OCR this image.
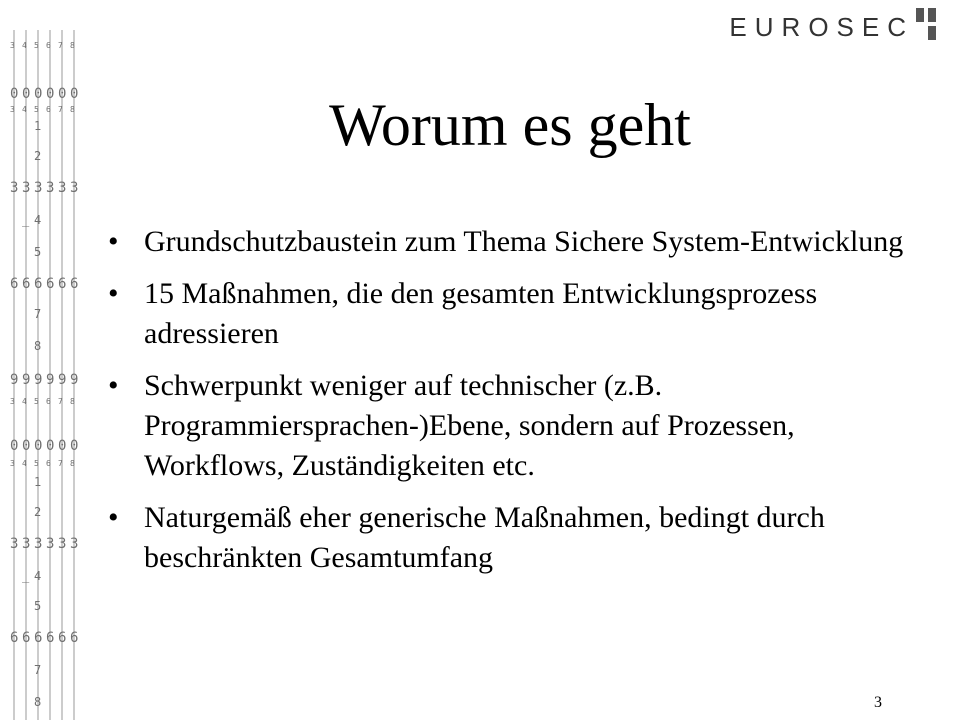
3 4 5 6 7 8
0 0 0 0 0 0
3 4 5 6 7 8
1
2
3 3 3 3 3 3
_ 4
5
6 6 6 6 6 6
7
8
9 9 9 9 9 9
3 4 5 6 7 8
0 0 0 0 0 0
3 4 5 6 7 8
1
2
3 3 3 3 3 3
_ 4
5
6 6 6 6 6 6
7
8
EUROSEC
Worum es geht
• Grundschutzbaustein zum Thema Sichere System-Entwicklung
• 15 Maßnahmen, die den gesamten Entwicklungsprozess adressieren
• Schwerpunkt weniger auf technischer (z.B. Programmiersprachen-)Ebene, sondern auf Prozessen, Workflows, Zuständigkeiten etc.
• Naturgemäß eher generische Maßnahmen, bedingt durch beschränkten Gesamtumfang
3
